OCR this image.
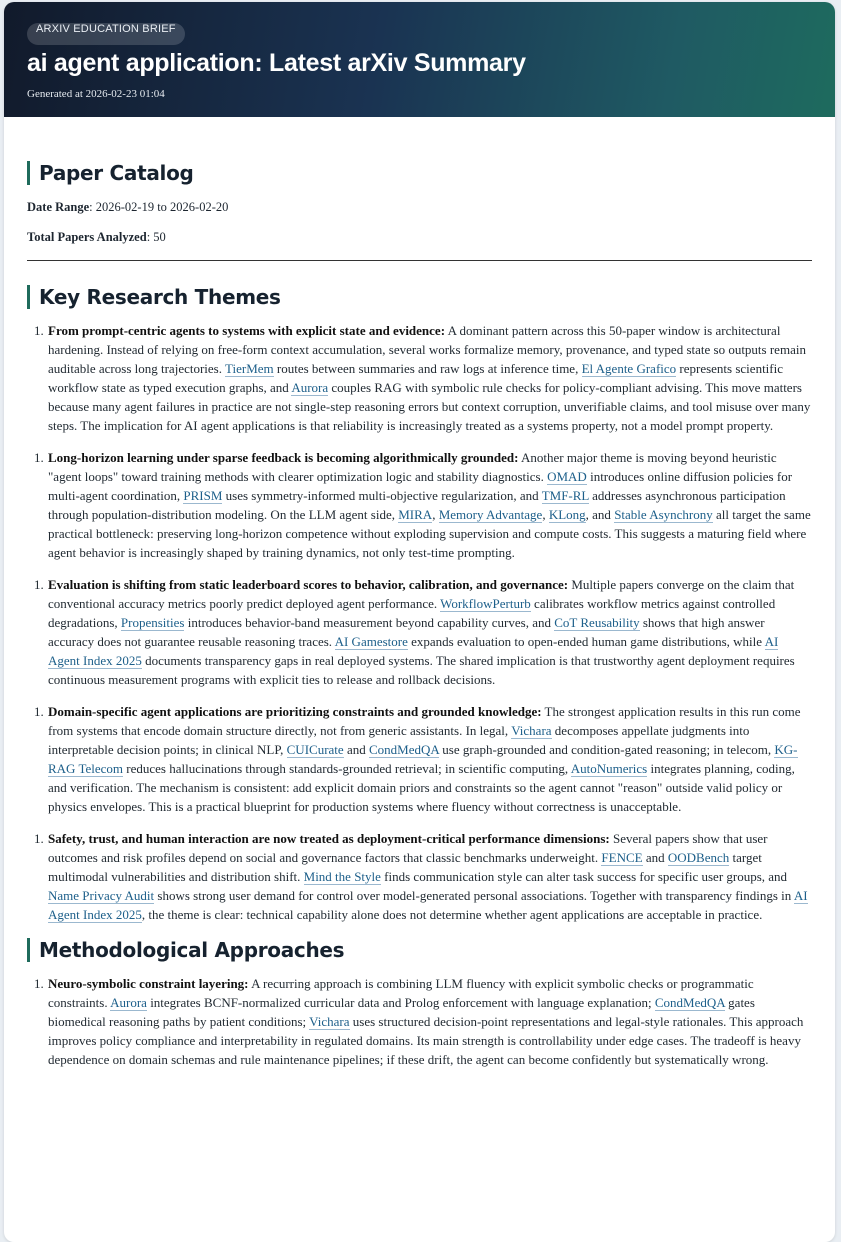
ARXIV EDUCATION BRIEF
ai agent application: Latest arXiv Summary
Generated at 2026-02-23 01:04
Paper Catalog

Date Range: 2026-02-19 to 2026-02-20

Total Papers Analyzed: 50

Key Research Themes
1. From prompt-centric agents to systems with explicit state and evidence: A dominant pattern across this 50-paper window is architectural hardening. Instead of relying on free-form context accumulation, several works formalize memory, provenance, and typed state so outputs remain auditable across long trajectories. TierMem routes between summaries and raw logs at inference time, El Agente Grafico represents scientific workflow state as typed execution graphs, and Aurora couples RAG with symbolic rule checks for policy-compliant advising. This move matters because many agent failures in practice are not single-step reasoning errors but context corruption, unverifiable claims, and tool misuse over many steps. The implication for AI agent applications is that reliability is increasingly treated as a systems property, not a model prompt property.
1. Long-horizon learning under sparse feedback is becoming algorithmically grounded: Another major theme is moving beyond heuristic "agent loops" toward training methods with clearer optimization logic and stability diagnostics. OMAD introduces online diffusion policies for multi-agent coordination, PRISM uses symmetry-informed multi-objective regularization, and TMF-RL addresses asynchronous participation through population-distribution modeling. On the LLM agent side, MIRA, Memory Advantage, KLong, and Stable Asynchrony all target the same practical bottleneck: preserving long-horizon competence without exploding supervision and compute costs. This suggests a maturing field where agent behavior is increasingly shaped by training dynamics, not only test-time prompting.
1. Evaluation is shifting from static leaderboard scores to behavior, calibration, and governance: Multiple papers converge on the claim that conventional accuracy metrics poorly predict deployed agent performance. WorkflowPerturb calibrates workflow metrics against controlled degradations, Propensities introduces behavior-band measurement beyond capability curves, and CoT Reusability shows that high answer accuracy does not guarantee reusable reasoning traces. AI Gamestore expands evaluation to open-ended human game distributions, while AI Agent Index 2025 documents transparency gaps in real deployed systems. The shared implication is that trustworthy agent deployment requires continuous measurement programs with explicit ties to release and rollback decisions.
1. Domain-specific agent applications are prioritizing constraints and grounded knowledge: The strongest application results in this run come from systems that encode domain structure directly, not from generic assistants. In legal, Vichara decomposes appellate judgments into interpretable decision points; in clinical NLP, CUICurate and CondMedQA use graph-grounded and condition-gated reasoning; in telecom, KG-RAG Telecom reduces hallucinations through standards-grounded retrieval; in scientific computing, AutoNumerics integrates planning, coding, and verification. The mechanism is consistent: add explicit domain priors and constraints so the agent cannot "reason" outside valid policy or physics envelopes. This is a practical blueprint for production systems where fluency without correctness is unacceptable.
1. Safety, trust, and human interaction are now treated as deployment-critical performance dimensions: Several papers show that user outcomes and risk profiles depend on social and governance factors that classic benchmarks underweight. FENCE and OODBench target multimodal vulnerabilities and distribution shift. Mind the Style finds communication style can alter task success for specific user groups, and Name Privacy Audit shows strong user demand for control over model-generated personal associations. Together with transparency findings in AI Agent Index 2025, the theme is clear: technical capability alone does not determine whether agent applications are acceptable in practice.
Methodological Approaches
1. Neuro-symbolic constraint layering: A recurring approach is combining LLM fluency with explicit symbolic checks or programmatic constraints. Aurora integrates BCNF-normalized curricular data and Prolog enforcement with language explanation; CondMedQA gates biomedical reasoning paths by patient conditions; Vichara uses structured decision-point representations and legal-style rationales. This approach improves policy compliance and interpretability in regulated domains. Its main strength is controllability under edge cases. The tradeoff is heavy dependence on domain schemas and rule maintenance pipelines; if these drift, the agent can become confidently but systematically wrong.
